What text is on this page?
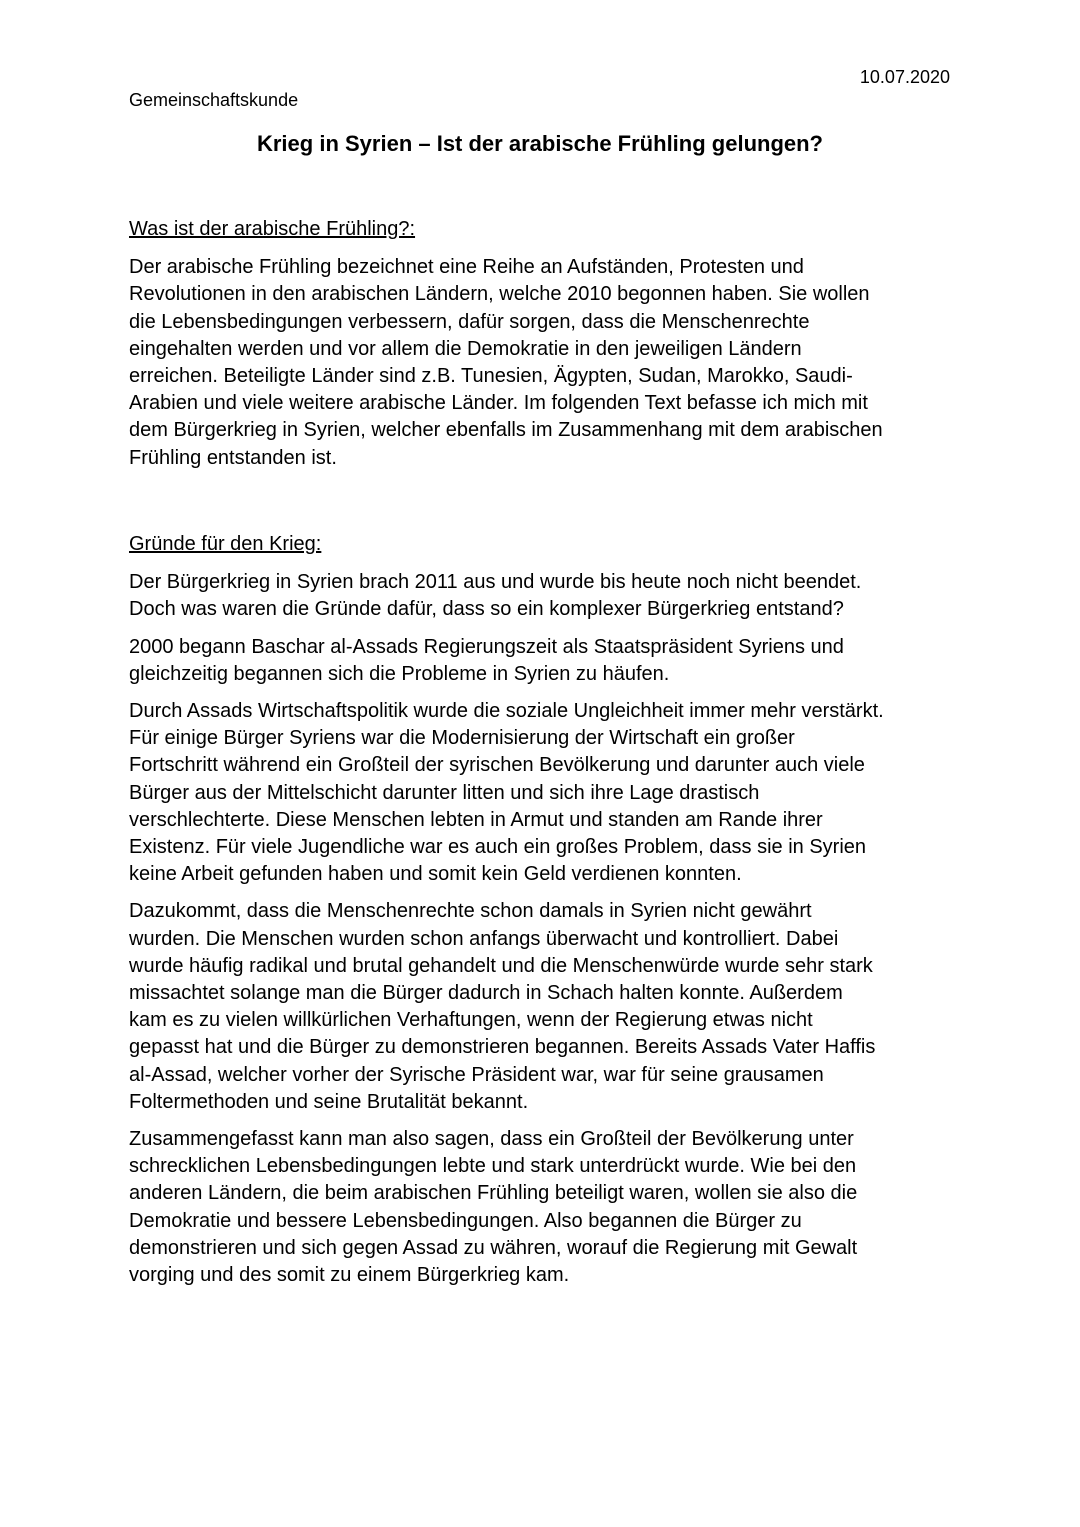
10.07.2020
Gemeinschaftskunde
Krieg in Syrien – Ist der arabische Frühling gelungen?
Was ist der arabische Frühling?:
Der arabische Frühling bezeichnet eine Reihe an Aufständen, Protesten und
Revolutionen in den arabischen Ländern, welche 2010 begonnen haben. Sie wollen
die Lebensbedingungen verbessern, dafür sorgen, dass die Menschenrechte
eingehalten werden und vor allem die Demokratie in den jeweiligen Ländern
erreichen. Beteiligte Länder sind z.B. Tunesien, Ägypten, Sudan, Marokko, Saudi-
Arabien und viele weitere arabische Länder. Im folgenden Text befasse ich mich mit
dem Bürgerkrieg in Syrien, welcher ebenfalls im Zusammenhang mit dem arabischen
Frühling entstanden ist.
Gründe für den Krieg:
Der Bürgerkrieg in Syrien brach 2011 aus und wurde bis heute noch nicht beendet.
Doch was waren die Gründe dafür, dass so ein komplexer Bürgerkrieg entstand?
2000 begann Baschar al-Assads Regierungszeit als Staatspräsident Syriens und
gleichzeitig begannen sich die Probleme in Syrien zu häufen.
Durch Assads Wirtschaftspolitik wurde die soziale Ungleichheit immer mehr verstärkt.
Für einige Bürger Syriens war die Modernisierung der Wirtschaft ein großer
Fortschritt während ein Großteil der syrischen Bevölkerung und darunter auch viele
Bürger aus der Mittelschicht darunter litten und sich ihre Lage drastisch
verschlechterte. Diese Menschen lebten in Armut und standen am Rande ihrer
Existenz. Für viele Jugendliche war es auch ein großes Problem, dass sie in Syrien
keine Arbeit gefunden haben und somit kein Geld verdienen konnten.
Dazukommt, dass die Menschenrechte schon damals in Syrien nicht gewährt
wurden. Die Menschen wurden schon anfangs überwacht und kontrolliert. Dabei
wurde häufig radikal und brutal gehandelt und die Menschenwürde wurde sehr stark
missachtet solange man die Bürger dadurch in Schach halten konnte. Außerdem
kam es zu vielen willkürlichen Verhaftungen, wenn der Regierung etwas nicht
gepasst hat und die Bürger zu demonstrieren begannen. Bereits Assads Vater Haffis
al-Assad, welcher vorher der Syrische Präsident war, war für seine grausamen
Foltermethoden und seine Brutalität bekannt.
Zusammengefasst kann man also sagen, dass ein Großteil der Bevölkerung unter
schrecklichen Lebensbedingungen lebte und stark unterdrückt wurde. Wie bei den
anderen Ländern, die beim arabischen Frühling beteiligt waren, wollen sie also die
Demokratie und bessere Lebensbedingungen. Also begannen die Bürger zu
demonstrieren und sich gegen Assad zu währen, worauf die Regierung mit Gewalt
vorging und des somit zu einem Bürgerkrieg kam.
